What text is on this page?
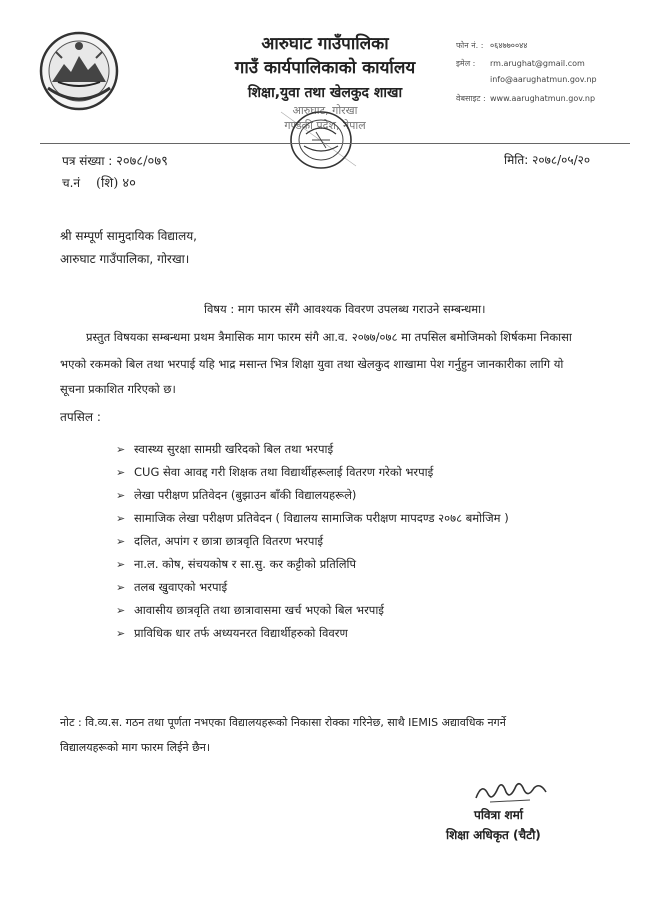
आरुघाट गाउँपालिका
गाउँ कार्यपालिकाको कार्यालय
शिक्षा,युवा तथा खेलकुद शाखा
आरुघाट, गोरखा
गण्डकी प्रदेश, नेपाल
फोन नं. : ०६४७७००४४
इमेल : rm.arughat@gmail.com
info@aarughatmun.gov.np
वेबसाइट : www.aarughatmun.gov.np
पत्र संख्या : २०७८/०७९
च.नं (शि) ४०
मिति: २०७८/०५/२०
श्री सम्पूर्ण सामुदायिक विद्यालय,
आरुघाट गाउँपालिका, गोरखा।
विषय : माग फारम सँगै आवश्यक विवरण उपलब्ध गराउने सम्बन्धमा।
प्रस्तुत विषयका सम्बन्धमा प्रथम त्रैमासिक माग फारम संगै आ.व. २०७७/०७८ मा तपसिल बमोजिमको शिर्षकमा निकासा
भएको रकमको बिल तथा भरपाई यहि भाद्र मसान्त भित्र शिक्षा युवा तथा खेलकुद शाखामा पेश गर्नुहुन जानकारीका लागि यो
सूचना प्रकाशित गरिएको छ।
तपसिल :
➢ स्वास्थ्य सुरक्षा सामग्री खरिदको बिल तथा भरपाई
➢ CUG सेवा आवद्द गरी शिक्षक तथा विद्यार्थीहरूलाई वितरण गरेको भरपाई
➢ लेखा परीक्षण प्रतिवेदन (बुझाउन बाँकी विद्यालयहरूले)
➢ सामाजिक लेखा परीक्षण प्रतिवेदन ( विद्यालय सामाजिक परीक्षण मापदण्ड २०७८ बमोजिम )
➢ दलित, अपांग र छात्रा छात्रवृति वितरण भरपाई
➢ ना.ल. कोष, संचयकोष र सा.सु. कर कट्टीको प्रतिलिपि
➢ तलब खुवाएको भरपाई
➢ आवासीय छात्रवृति तथा छात्रावासमा खर्च भएको बिल भरपाई
➢ प्राविधिक धार तर्फ अध्ययनरत विद्यार्थीहरुको विवरण
नोट : वि.व्य.स. गठन तथा पूर्णता नभएका विद्यालयहरूको निकासा रोक्का गरिनेछ, साथै IEMIS अद्यावधिक नगर्ने
विद्यालयहरूको माग फारम लिईने छैन।
पवित्रा शर्मा
शिक्षा अधिकृत (चैटौ)
